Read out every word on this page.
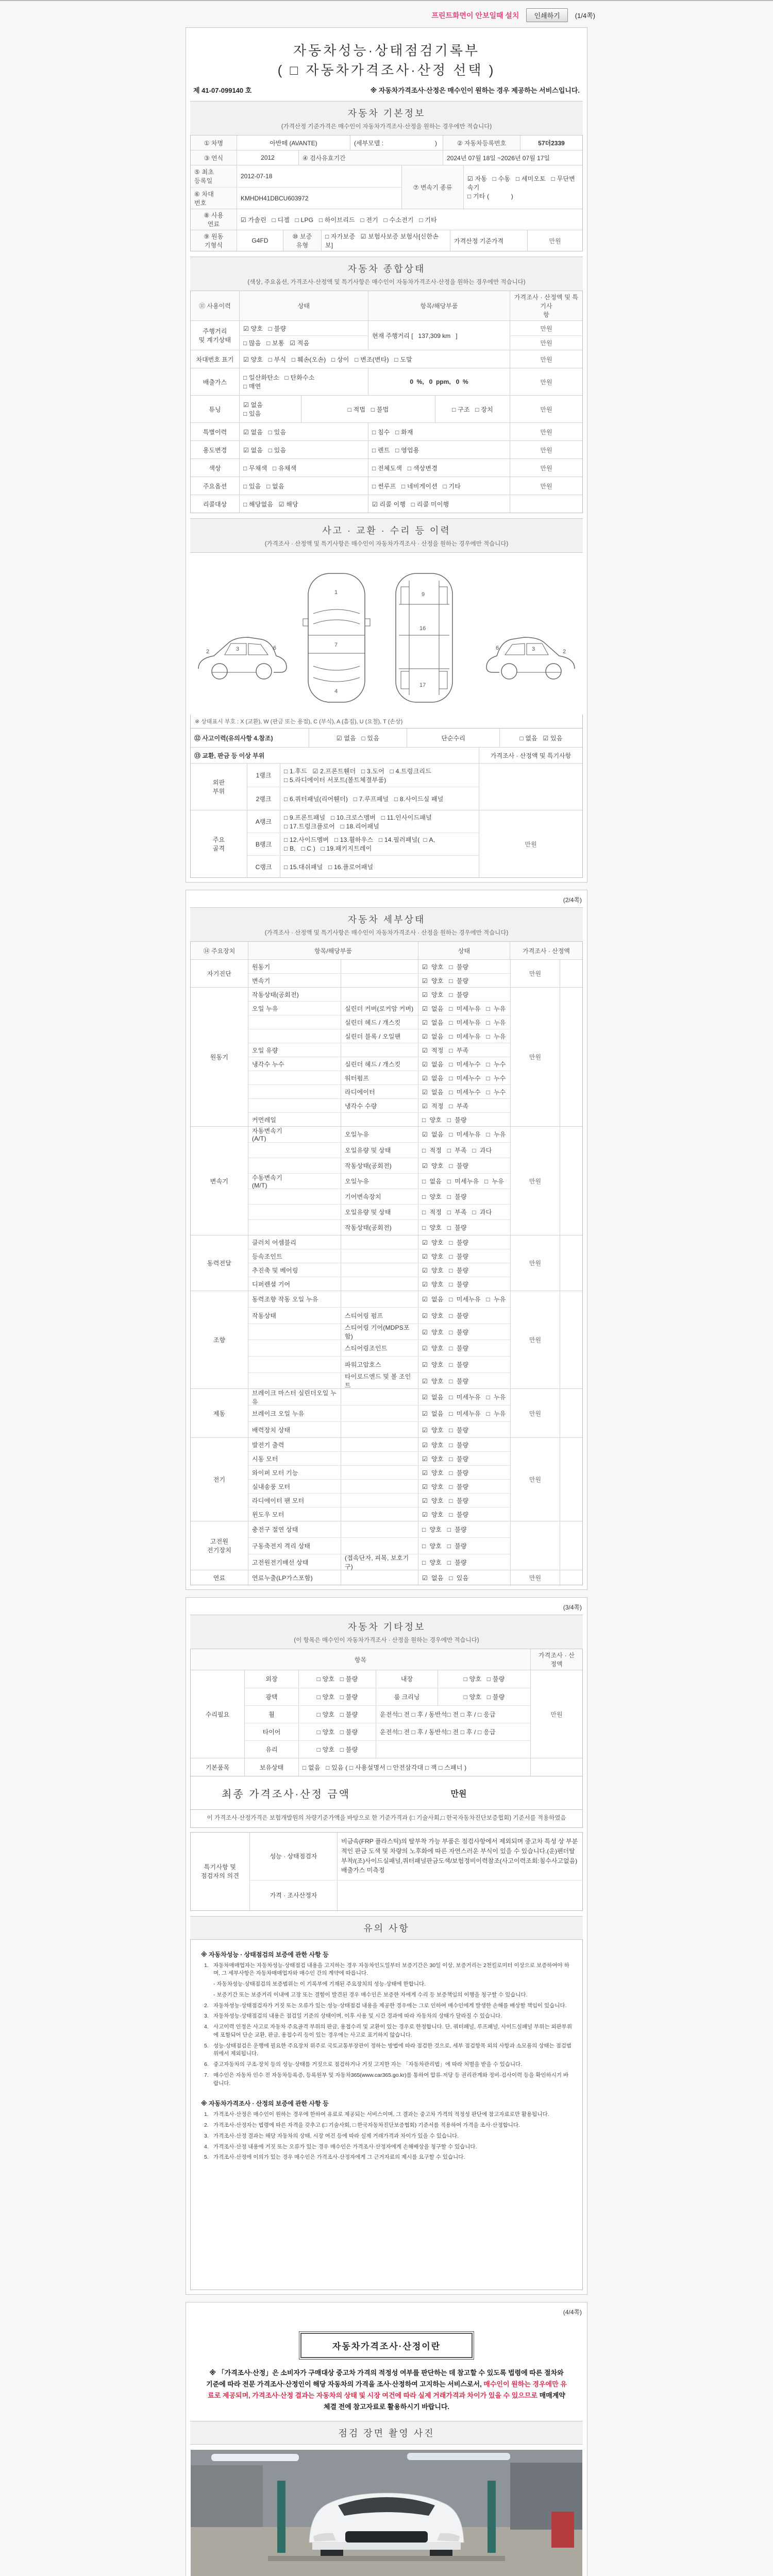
프린트화면이 안보일때 설치	인쇄하기	(1/4쪽)
자동차성능·상태점검기록부
( □ 자동차가격조사·산정 선택 )
제 41-07-099140 호	※ 자동차가격조사·산정은 매수인이 원하는 경우 제공하는 서비스입니다.
자동차 기본정보
(가격산정 기준가격은 매수인이 자동차가격조사·산정을 원하는 경우에만 적습니다)
① 차명	아반떼 (AVANTE)	(세부모델 :                              )	② 자동차등록번호	57더2339
③ 연식	2012	④ 검사유효기간	2024년 07월 18일 ~2026년 07월 17일
⑤ 최초
등록일
2012-07-18
⑥ 차대
번호
KMHDH41DBCU603972
⑦ 변속기 종류
☑ 자동   □ 수동   □ 세미오토   □ 무단변속기
□ 기타 (            )
⑧ 사용
연료
☑ 가솔린   □ 디젤   □ LPG   □ 하이브리드   □ 전기   □ 수소전기   □ 기타
⑨ 원동
기형식
G4FD
⑩ 보증
유형
□ 자가보증   ☑ 보험사보증 보험사[신한손보]
가격산정 기준가격	만원
자동차 종합상태
(색상, 주요옵션, 가격조사·산정액 및 특기사항은 매수인이 자동차가격조사·산정을 원하는 경우에만 적습니다)
⑪ 사용이력	상태	항목/해당부품
가격조사 · 산정액 및 특기사
항
주행거리
및 계기상태
☑ 양호   □ 불량
□ 많음   □ 보통   ☑ 적음
현재 주행거리 [   137,309 km   ]
만원
만원
차대번호 표기	☑ 양호   □ 부식   □ 훼손(오손)   □ 상이   □ 변조(변타)   □ 도말	만원
배출가스
□ 일산화탄소   □ 탄화수소
□ 매연
0  %,   0  ppm,   0  %	만원
튜닝
☑ 없음
□ 있음
□ 적법   □ 불법	□ 구조   □ 장치	만원
특별이력	☑ 없음   □ 있음	□ 침수   □ 화재	만원
용도변경	☑ 없음   □ 있음	□ 렌트   □ 영업용	만원
색상	□ 무채색   □ 유채색	□ 전체도색   □ 색상변경	만원
주요옵션	□ 있음   □ 없음	□ 썬루프   □ 네비게이션   □ 기타	만원
리콜대상	□ 해당없음   ☑ 해당	☑ 리콜 이행   □ 리콜 미이행
사고 · 교환 · 수리 등 이력
(가격조사 · 산정액 및 특기사항은 매수인이 자동차가격조사 · 산정을 원하는 경우에만 적습니다)
2	3	6
1
7
4
9
16
17
2
3
6
※ 상태표시 부호 : X (교환), W (판금 또는 용접), C (부식), A (흠집), U (요철), T (손상)
⑫ 사고이력(유의사항 4.참조)	☑ 없음   □ 있음	단순수리	□ 없음   ☑ 있음
⑬ 교환, 판금 등 이상 부위	가격조사 · 산정액 및 특기사항
외판
부위
1랭크
□ 1.후드   ☑ 2.프론트휀더   □ 3.도어   □ 4.트렁크리드
□ 5.라디에이터 서포트(볼트체결부품)
2랭크	□ 6.쿼터패널(리어휀더)   □ 7.루프패널   □ 8.사이드실 패널
주요
골격
A랭크
□ 9.프론트패널   □ 10.크로스멤버   □ 11.인사이드패널
□ 17.트렁크플로어   □ 18.리어패널
B랭크
□ 12.사이드멤버   □ 13.휠하우스   □ 14.필러패널(  □ A,
□ B,   □ C )   □ 19.패키지트레이
C랭크	□ 15.대쉬패널   □ 16.플로어패널
만원
(2/4쪽)
자동차 세부상태
(가격조사 · 산정액 및 특기사항은 매수인이 자동차가격조사 · 산정을 원하는 경우에만 적습니다)
⑭ 주요장치	항목/해당부품	상태	가격조사 · 산정액
자기진단
원동기	☑  양호   □  불량
변속기	☑  양호   □  불량
만원
원동기
작동상태(공회전)	☑  양호   □  불량
오일 누유	실린더 커버(로커암 커버)	☑  없음   □  미세누유   □  누유
실린더 헤드 / 개스킷	☑  없음   □  미세누유   □  누유
실린더 블록 / 오일팬	☑  없음   □  미세누유   □  누유
오일 유량	☑  적정   □  부족
냉각수 누수	실린더 헤드 / 개스킷	☑  없음   □  미세누수   □  누수
워터펌프	☑  없음   □  미세누수   □  누수
라디에이터	☑  없음   □  미세누수   □  누수
냉각수 수량	☑  적정   □  부족
커먼레일	□  양호   □  불량
만원
변속기
자동변속기
(A/T)
오일누유	☑  없음   □  미세누유   □  누유
오일유량 및 상태	□  적정   □  부족   □  과다
작동상태(공회전)	☑  양호   □  불량
수동변속기
(M/T)
오일누유	□  없음   □  미세누유   □  누유
기어변속장치	□  양호   □  불량
오일유량 및 상태	□  적정   □  부족   □  과다
작동상태(공회전)	□  양호   □  불량
만원
동력전달
클러치 어셈블리	☑  양호   □  불량
등속조인트	☑  양호   □  불량
추진축 및 베어링	☑  양호   □  불량
디퍼렌셜 기어	☑  양호   □  불량
만원
조향
동력조향 작동 오일 누유	☑  없음   □  미세누유   □  누유
작동상태	스티어링 펌프	☑  양호   □  불량
스티어링 기어(MDPS포함)
☑  양호   □  불량
스티어링조인트	☑  양호   □  불량
파워고압호스	☑  양호   □  불량
타이로드엔드 및 볼 조인트
☑  양호   □  불량
만원
제동
브레이크 마스터 실린더오일 누유
☑  없음   □  미세누유   □  누유
브레이크 오일 누유	☑  없음   □  미세누유   □  누유
배력장치 상태	☑  양호   □  불량
만원
전기
발전기 출력	☑  양호   □  불량
시동 모터	☑  양호   □  불량
와이퍼 모터 기능	☑  양호   □  불량
실내송풍 모터	☑  양호   □  불량
라디에이터 팬 모터	☑  양호   □  불량
윈도우 모터	☑  양호   □  불량
만원
고전원
전기장치
충전구 절연 상태	□  양호   □  불량
구동축전지 격리 상태	□  양호   □  불량
고전원전기배선 상태
(접속단자, 피복, 보호기구)
□  양호   □  불량
연료	연료누출(LP가스포함)	☑  없음   □  있음	만원
(3/4쪽)
자동차 기타정보
(이 항목은 매수인이 자동차가격조사 · 산정을 원하는 경우에만 적습니다)
항목
가격조사 · 산
정액
수리필요
외장	□ 양호   □ 불량	내장	□ 양호   □ 불량
광택	□ 양호   □ 불량	룸 크리닝	□ 양호   □ 불량
휠	□ 양호   □ 불량	운전석□ 전 □ 후 / 동반석□ 전 □ 후 / □ 응급
타이어	□ 양호   □ 불량	운전석□ 전 □ 후 / 동반석□ 전 □ 후 / □ 응급
유리	□ 양호   □ 불량
만원
기본품목	보유상태	□ 없음   □ 있음 ( □ 사용설명서 □ 안전삼각대 □ 잭 □ 스패너 )
최종 가격조사·산정 금액	만원
이 가격조사·산정가격은 보험개발원의 차량기준가액을 바탕으로 한 기준가격과 (□ 기술사회,□ 한국자동차진단보증협회) 기준서를 적용하였음
특기사항 및
점검자의 의견
성능 · 상태점검자
비금속(FRP 플라스틱)의 탈부착 가능 부품은 점검사항에서 제외되며 중고차 특성 상 부분적인 판금 도색 및 차량의 노후화에 따른 자연스러운 부식이 있을 수 있습니다.(운)펜더탈부착/(조)사이드실패널,쿼터패널판금도색/보험정비이력참조(사고이력조회:침수사고없음) 배출가스 미측정
가격 · 조사산정자
유의 사항
※ 자동차성능 · 상태점검의 보증에 관한 사항 등
1. 자동차매매업자는 자동차성능·상태점검 내용을 고지하는 경우 자동차인도일부터 보증기간은 30일 이상, 보증거리는 2천킬로미터 이상으로 보증하여야 하며, 그 세부사항은 자동차매매업자와 매수인 간의 계약에 따릅니다.
- 자동차성능·상태점검의 보증범위는 이 기록부에 기재된 주요장치의 성능·상태에 한합니다.
- 보증기간 또는 보증거리 이내에 고장 또는 결함이 발견된 경우 매수인은 보증한 자에게 수리 등 보증책임의 이행을 청구할 수 있습니다.
2. 자동차성능·상태점검자가 거짓 또는 오류가 있는 성능·상태점검 내용을 제공한 경우에는 그로 인하여 매수인에게 발생한 손해를 배상할 책임이 있습니다.
3. 자동차성능·상태점검의 내용은 점검일 기준의 상태이며, 이후 사용 및 시간 경과에 따라 자동차의 상태가 달라질 수 있습니다.
4. 사고이력 인정은 사고로 자동차 주요골격 부위의 판금, 용접수리 및 교환이 있는 경우로 한정합니다. 단, 쿼터패널, 루프패널, 사이드실패널 부위는 외판부위에 포함되어 단순 교환, 판금, 용접수리 등이 있는 경우에는 사고로 표기하지 않습니다.
5. 성능·상태점검은 운행에 필요한 주요장치 위주로 국토교통부장관이 정하는 방법에 따라 점검한 것으로, 세부 점검항목 외의 사항과 소모품의 상태는 점검범위에서 제외됩니다.
6. 중고자동차의 구조·장치 등의 성능·상태를 거짓으로 점검하거나 거짓 고지한 자는 「자동차관리법」에 따라 처벌을 받을 수 있습니다.
7. 매수인은 자동차 인수 전 자동차등록증, 등록원부 및 자동차365(www.car365.go.kr)를 통하여 압류·저당 등 권리관계와 정비·검사이력 등을 확인하시기 바랍니다.
※ 자동차가격조사 · 산정의 보증에 관한 사항 등
1. 가격조사·산정은 매수인이 원하는 경우에 한하여 유료로 제공되는 서비스이며, 그 결과는 중고차 가격의 적정성 판단에 참고자료로만 활용됩니다.
2. 가격조사·산정자는 법령에 따른 자격을 갖추고 (□ 기술사회, □ 한국자동차진단보증협회) 기준서를 적용하여 가격을 조사·산정합니다.
3. 가격조사·산정 결과는 해당 자동차의 상태, 시장 여건 등에 따라 실제 거래가격과 차이가 있을 수 있습니다.
4. 가격조사·산정 내용에 거짓 또는 오류가 있는 경우 매수인은 가격조사·산정자에게 손해배상을 청구할 수 있습니다.
5. 가격조사·산정에 이의가 있는 경우 매수인은 가격조사·산정자에게 그 근거자료의 제시를 요구할 수 있습니다.
(4/4쪽)
자동차가격조사·산정이란
※ 「가격조사·산정」은 소비자가 구매대상 중고차 가격의 적정성 여부를 판단하는 데 참고할 수 있도록 법령에 따른 절차와 기준에 따라 전문 가격조사·산정인이 해당 자동차의 가격을 조사·산정하여 고지하는 서비스로서, 매수인이 원하는 경우에만 유료로 제공되며, 가격조사·산정 결과는 자동차의 상태 및 시장 여건에 따라 실제 거래가격과 차이가 있을 수 있으므로 매매계약 체결 전에 참고자료로 활용하시기 바랍니다.
점검 장면 촬영 사진
